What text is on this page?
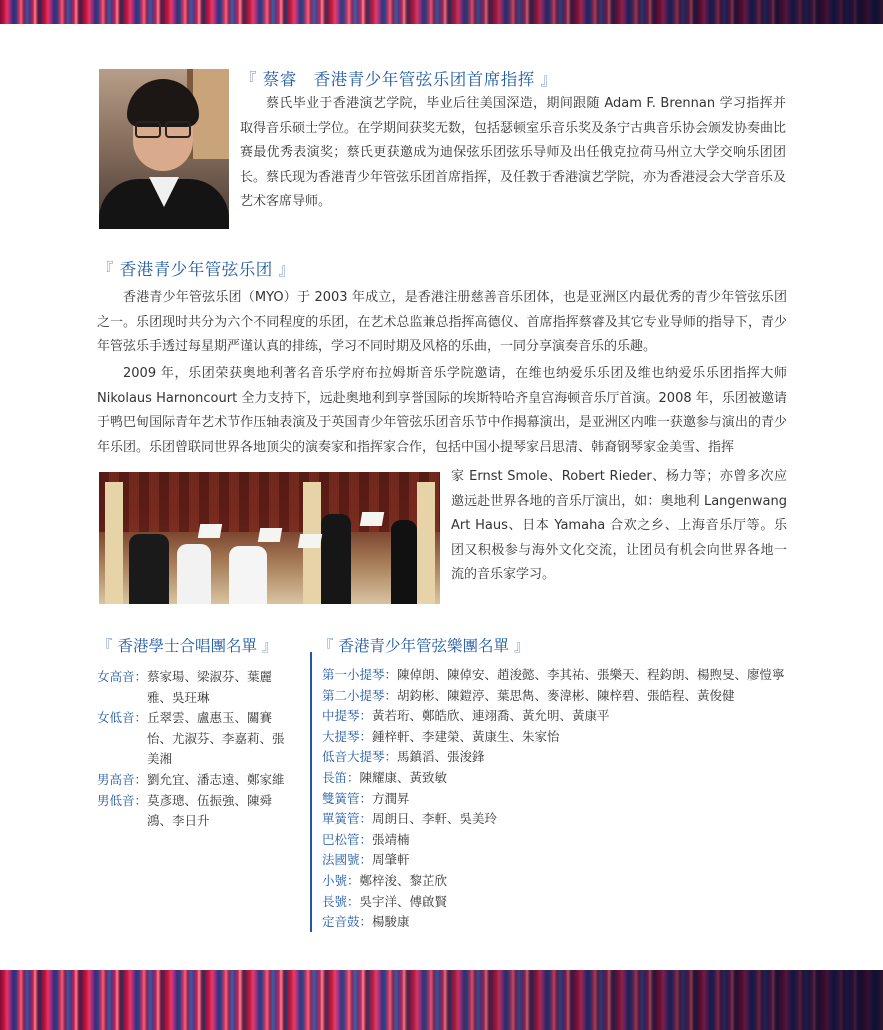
『 蔡睿　香港青少年管弦乐团首席指挥 』

蔡氏毕业于香港演艺学院，毕业后往美国深造，期间跟随 Adam F. Brennan 学习指挥并取得音乐硕士学位。在学期间获奖无数，包括瑟顿室乐音乐奖及条宁古典音乐协会颁发协奏曲比赛最优秀表演奖；蔡氏更获邀成为迪保弦乐团弦乐导师及出任俄克拉荷马州立大学交响乐团团长。蔡氏现为香港青少年管弦乐团首席指挥，及任教于香港演艺学院，亦为香港浸会大学音乐及艺术客席导师。

『 香港青少年管弦乐团 』

香港青少年管弦乐团（MYO）于 2003 年成立，是香港注册慈善音乐团体，也是亚洲区内最优秀的青少年管弦乐团之一。乐团现时共分为六个不同程度的乐团，在艺术总监兼总指挥高德仪、首席指挥蔡睿及其它专业导师的指导下，青少年管弦乐手透过每星期严谨认真的排练，学习不同时期及风格的乐曲，一同分享演奏音乐的乐趣。

2009 年，乐团荣获奥地利著名音乐学府布拉姆斯音乐学院邀请，在维也纳爱乐乐团及维也纳爱乐乐团指挥大师 Nikolaus Harnoncourt 全力支持下，远赴奥地利到享誉国际的埃斯特哈齐皇宫海顿音乐厅首演。2008 年，乐团被邀请于鸭巴甸国际青年艺术节作压轴表演及于英国青少年管弦乐团音乐节中作揭幕演出，是亚洲区内唯一获邀参与演出的青少年乐团。乐团曾联同世界各地顶尖的演奏家和指挥家合作，包括中国小提琴家吕思清、韩裔钢琴家金美雪、指挥

家 Ernst Smole、Robert Rieder、杨力等；亦曾多次应邀远赴世界各地的音乐厅演出，如：奥地利 Langenwang Art Haus、日本 Yamaha 合欢之乡、上海音乐厅等。乐团又积极参与海外文化交流，让团员有机会向世界各地一流的音乐家学习。

『 香港學士合唱團名單 』
女高音： 蔡家瑒、梁淑芬、葉麗雅、吳玨琳
女低音： 丘翠雲、盧惠玉、關賽怡、尤淑芬、李嘉莉、張美湘
男高音： 劉允宜、潘志遠、鄭家維
男低音： 莫彥璁、伍振強、陳舜鴻、李日升
『 香港青少年管弦樂團名單 』
第一小提琴： 陳倬朗、陳倬安、趙浚懿、李其祐、張樂天、程鈞朗、楊煦旻、廖愷寧
第二小提琴： 胡鈞彬、陳鎧渟、葉思雋、麥湋彬、陳梓碧、張皓程、黃俊健
中提琴： 黃若珩、鄭皓欣、連翊喬、黃允明、黃康平
大提琴： 鍾梓軒、李建榮、黃康生、朱家怡
低音大提琴： 馬鎮滔、張浚鋒
長笛： 陳耀康、黃致敏
雙簧管： 方潤昇
單簧管： 周朗日、李軒、吳美玲
巴松管： 張靖楠
法國號： 周肇軒
小號： 鄭梓浚、黎芷欣
長號： 吳宇洋、傅啟賢
定音鼓： 楊駿康
